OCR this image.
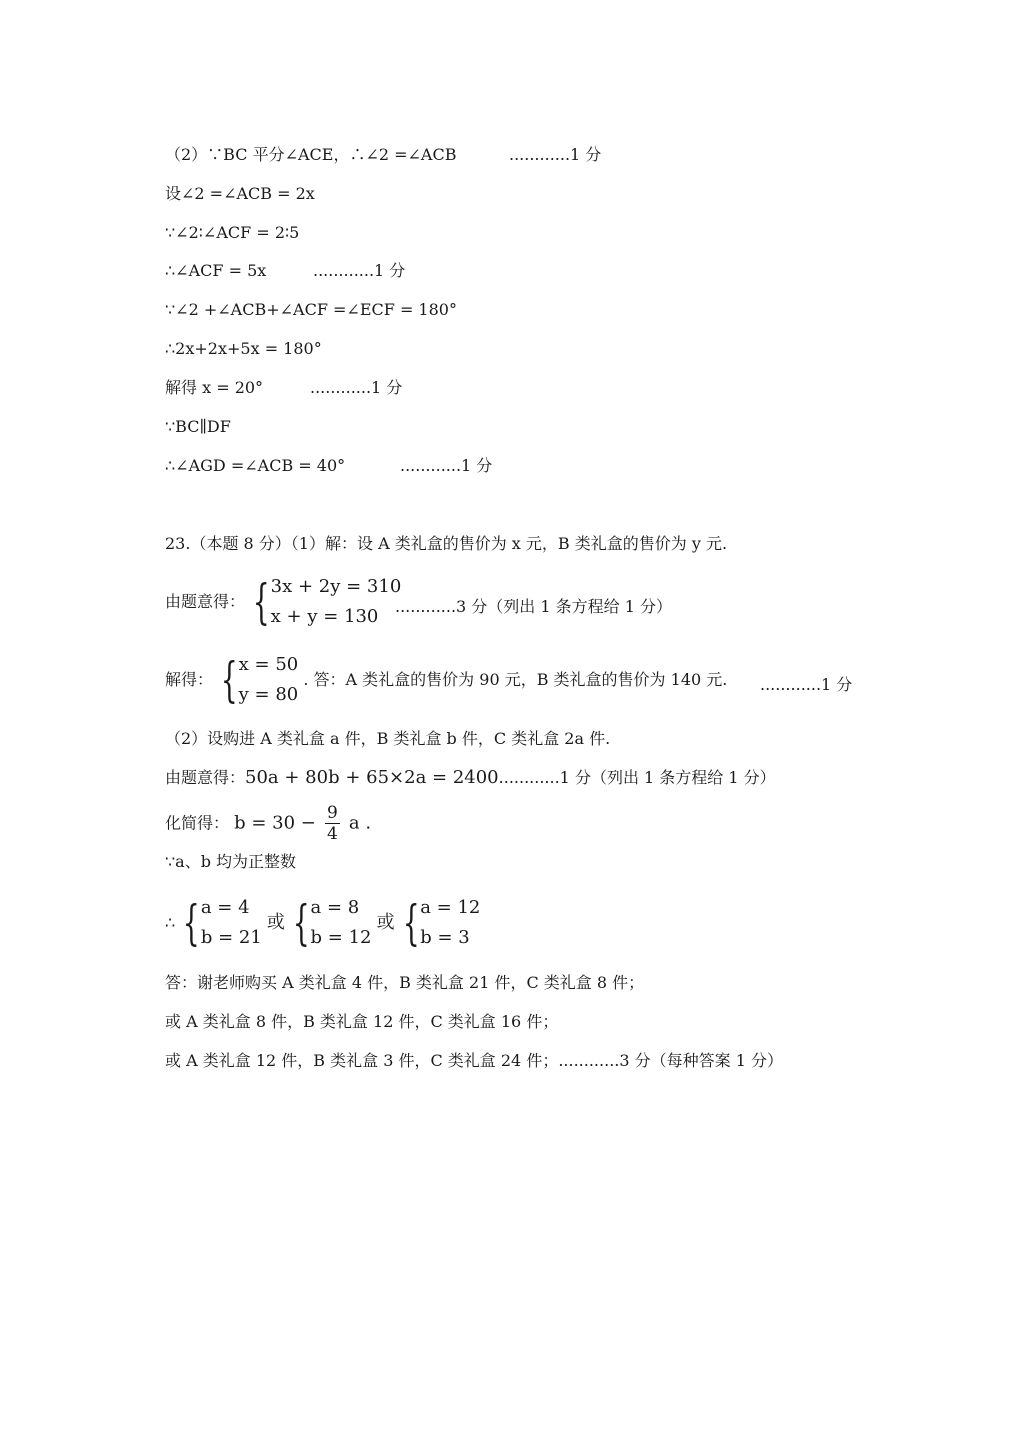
（2）∵BC 平分∠ACE，∴∠2 =∠ACB	............1 分
设∠2 =∠ACB = 2x
∵∠2∶∠ACF = 2∶5
∴∠ACF = 5x	............1 分
∵∠2 +∠ACB+∠ACF =∠ECF = 180°
∴2x+2x+5x = 180°
解得 x = 20°	............1 分
∵BC∥DF
∴∠AGD =∠ACB = 40°	............1 分
23.（本题 8 分）（1）解：设 A 类礼盒的售价为 x 元，B 类礼盒的售价为 y 元.
由题意得： { 3x + 2y = 310
x + y = 130	............3 分（列出 1 条方程给 1 分）
解得： { x = 50
y = 80
. 答：A 类礼盒的售价为 90 元，B 类礼盒的售价为 140 元. ............1 分
（2）设购进 A 类礼盒 a 件，B 类礼盒 b 件，C 类礼盒 2a 件.
由题意得：50a + 80b + 65×2a = 2400............1 分（列出 1 条方程给 1 分）
化简得： $b = 30 - \frac{9}{4}$ a .
∵a、b 均为正整数
∴ { a = 4
b = 21
或 { a = 8
b = 12
或 { a = 12
b = 3
答：谢老师购买 A 类礼盒 4 件，B 类礼盒 21 件，C 类礼盒 8 件；
或 A 类礼盒 8 件，B 类礼盒 12 件，C 类礼盒 16 件；
或 A 类礼盒 12 件，B 类礼盒 3 件，C 类礼盒 24 件；............3 分（每种答案 1 分）
